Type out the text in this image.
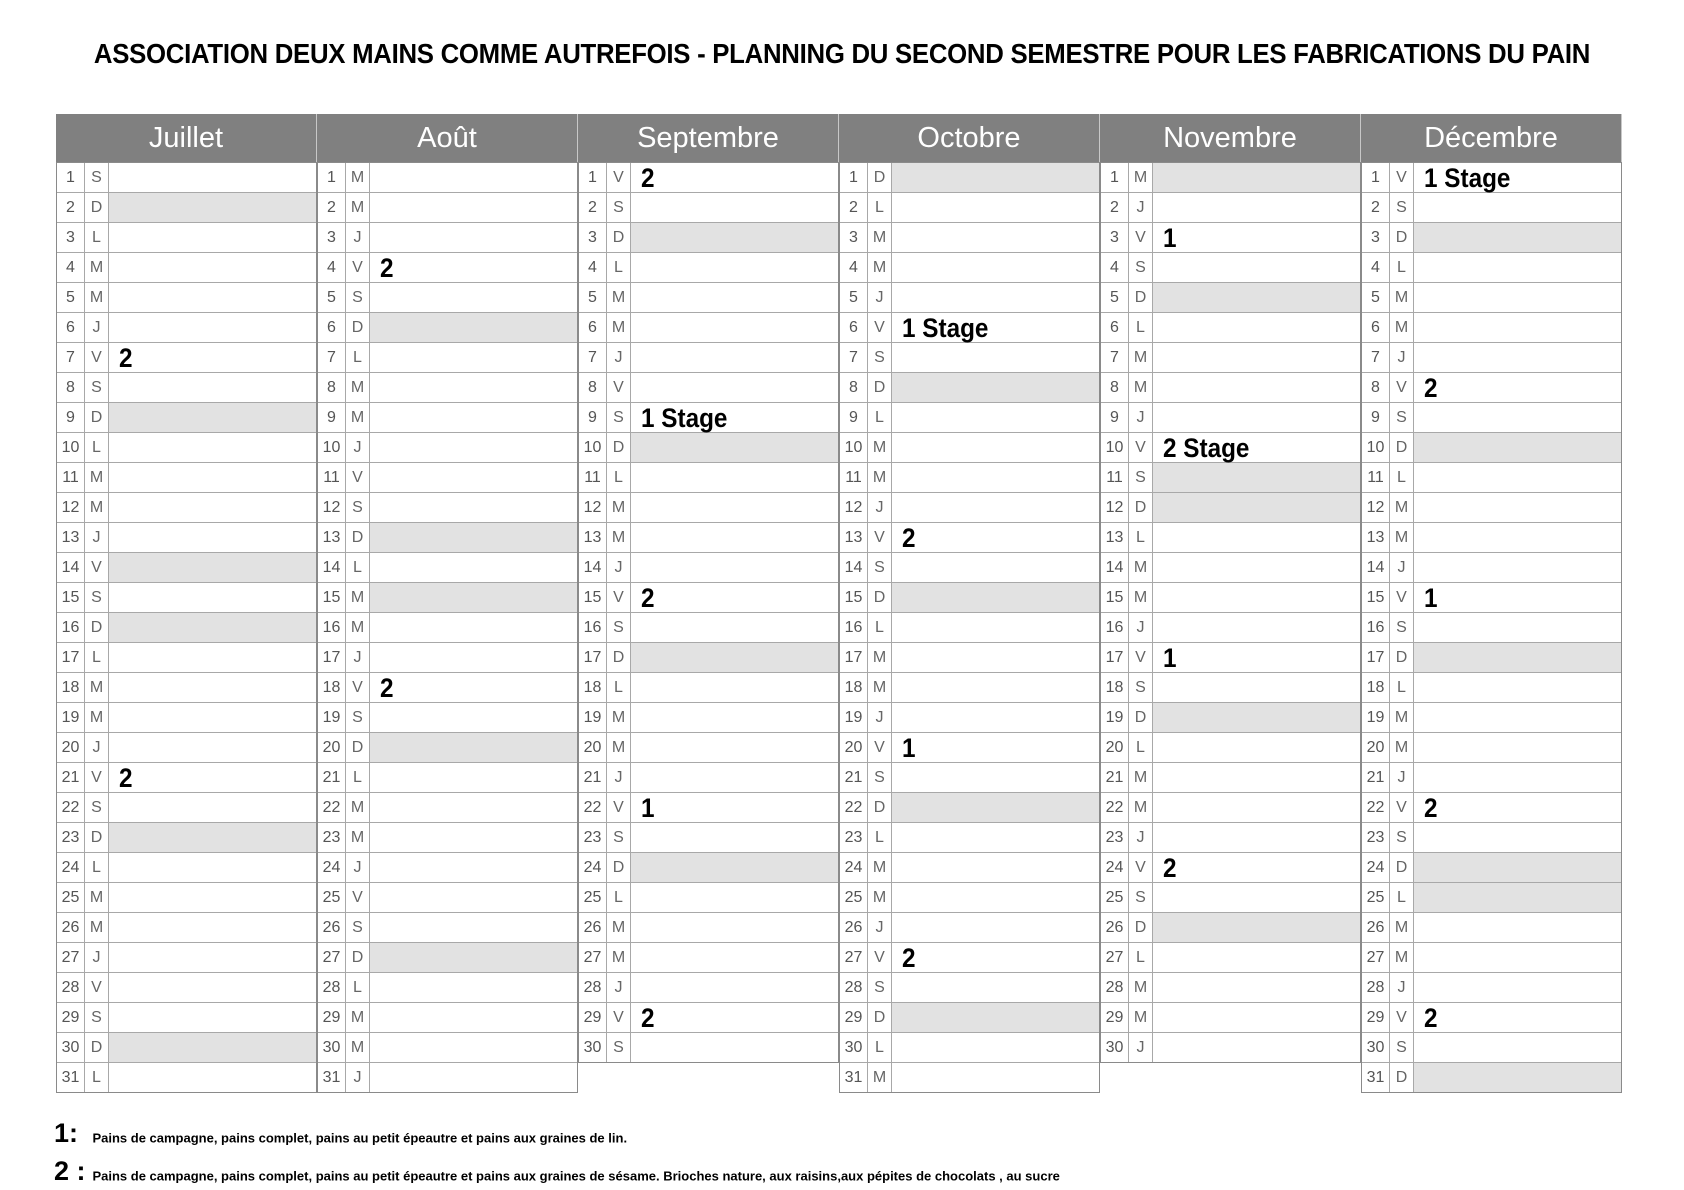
ASSOCIATION DEUX MAINS COMME AUTREFOIS - PLANNING DU SECOND SEMESTRE POUR LES FABRICATIONS DU PAIN
Juillet
1	S
2 D
3	L
4 M
5 M
6	J
7	V 2
8	S
9 D
10 L
11 M
12 M
13 J
14 V
15 S
16 D
17 L
18 M
19 M
20 J
21 V 2
22 S
23 D
24 L
25 M
26 M
27 J
28 V
29 S
30 D
31 L
Août
1 M
2 M
3	J
4	V 2
5	S
6 D
7	L
8 M
9 M
10 J
11 V
12 S
13 D
14 L
15 M
16 M
17 J
18 V 2
19 S
20 D
21 L
22 M
23 M
24 J
25 V
26 S
27 D
28 L
29 M
30 M
31 J
Septembre
1	V 2
2	S
3 D
4	L
5 M
6 M
7	J
8	V
9	S 1 Stage
10 D
11 L
12 M
13 M
14 J
15 V 2
16 S
17 D
18 L
19 M
20 M
21 J
22 V 1
23 S
24 D
25 L
26 M
27 M
28 J
29 V 2
30 S
Octobre
1 D
2	L
3 M
4 M
5	J
6	V 1 Stage
7	S
8 D
9	L
10 M
11 M
12 J
13 V 2
14 S
15 D
16 L
17 M
18 M
19 J
20 V 1
21 S
22 D
23 L
24 M
25 M
26 J
27 V 2
28 S
29 D
30 L
31 M
Novembre
1 M
2	J
3	V 1
4	S
5 D
6	L
7 M
8 M
9	J
10 V 2 Stage
11 S
12 D
13 L
14 M
15 M
16 J
17 V 1
18 S
19 D
20 L
21 M
22 M
23 J
24 V 2
25 S
26 D
27 L
28 M
29 M
30 J
Décembre
1	V 1 Stage
2	S
3 D
4	L
5 M
6 M
7	J
8	V 2
9	S
10 D
11 L
12 M
13 M
14 J
15 V 1
16 S
17 D
18 L
19 M
20 M
21 J
22 V 2
23 S
24 D
25 L
26 M
27 M
28 J
29 V 2
30 S
31 D
1: Pains de campagne, pains complet, pains au petit épeautre et pains aux graines de lin.
2 : Pains de campagne, pains complet, pains au petit épeautre et pains aux graines de sésame. Brioches nature, aux raisins,aux pépites de chocolats , au sucre
